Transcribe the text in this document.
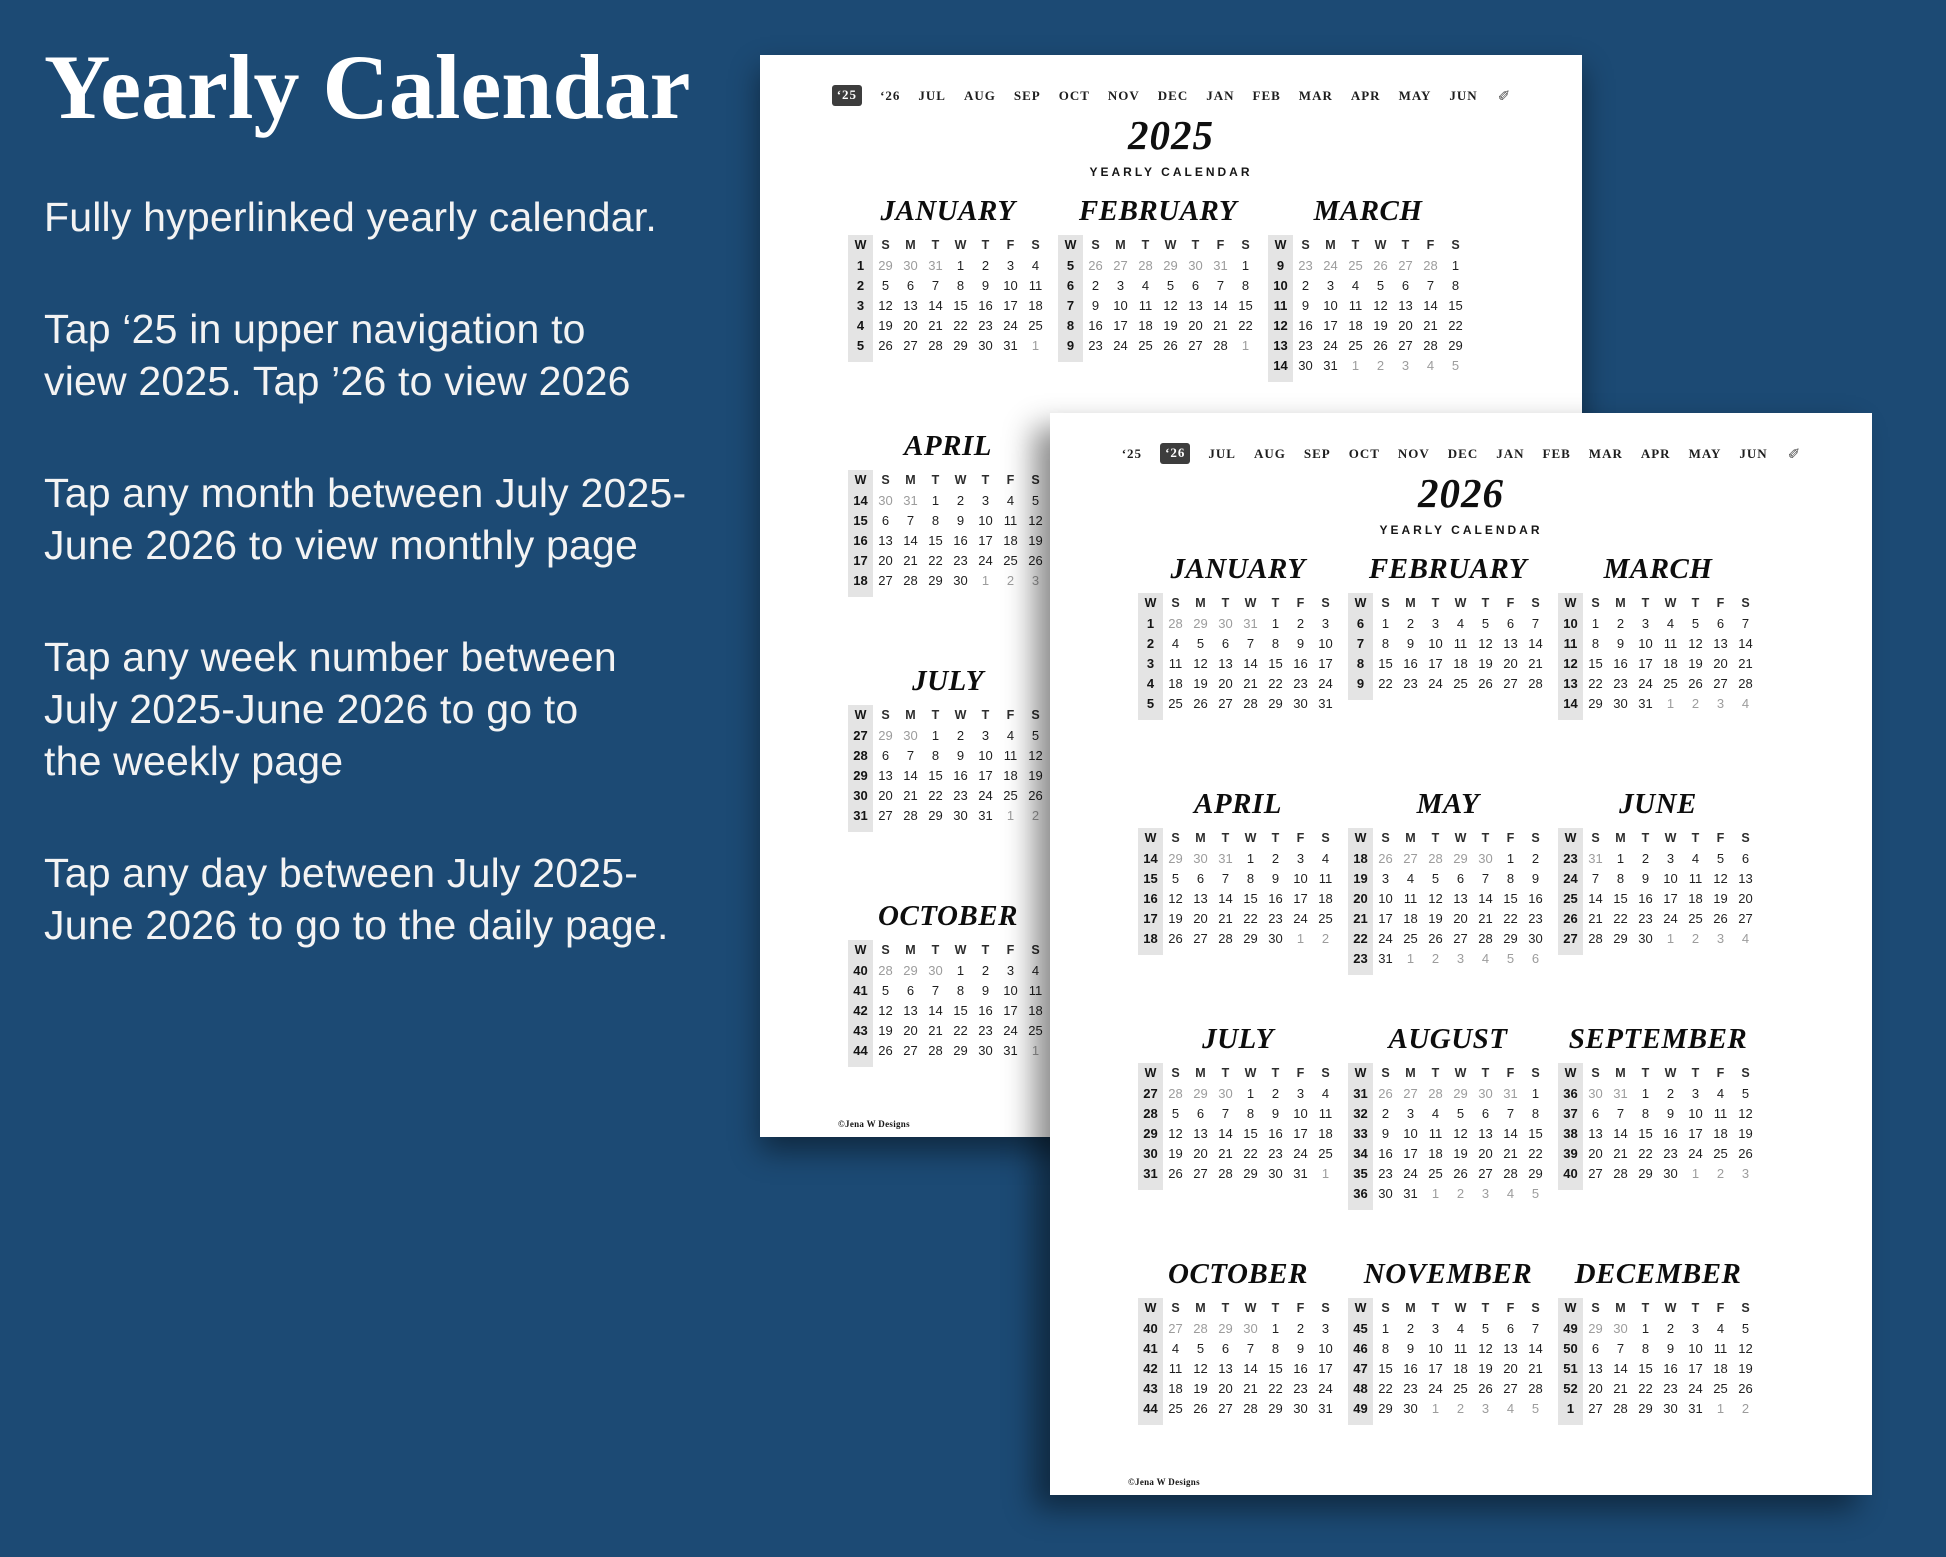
Yearly Calendar
Fully hyperlinked yearly calendar.
Tap ‘25 in upper navigation to
view 2025. Tap ’26 to view 2026
Tap any month between July 2025-
June 2026 to view monthly page
Tap any week number between
July 2025-June 2026 to go to
the weekly page
Tap any day between July 2025-
June 2026 to go to the daily page.
‘25	‘26 JUL AUG SEP OCT NOV DEC JAN FEB MAR APR MAY JUN ✐
2025
YEARLY CALENDAR
JANUARY
W	S	M	T	W	T	F	S
1	29	30	31	1	2	3	4
2	5	6	7	8	9	10	11
3	12	13	14	15	16	17	18
4	19	20	21	22	23	24	25
5	26	27	28	29	30	31	1
FEBRUARY
W	S	M	T	W	T	F	S
5	26	27	28	29	30	31	1
6	2	3	4	5	6	7	8
7	9	10	11	12	13	14	15
8	16	17	18	19	20	21	22
9	23	24	25	26	27	28	1
MARCH
W	S	M	T	W	T	F	S
9	23	24	25	26	27	28	1
10	2	3	4	5	6	7	8
11	9	10	11	12	13	14	15
12	16	17	18	19	20	21	22
13	23	24	25	26	27	28	29
14	30	31	1	2	3	4	5
APRIL
W	S	M	T	W	T	F	S
14	30	31	1	2	3	4	5
15	6	7	8	9	10	11	12
16	13	14	15	16	17	18	19
17	20	21	22	23	24	25	26
18	27	28	29	30	1	2	3
JULY
W	S	M	T	W	T	F	S
27	29	30	1	2	3	4	5
28	6	7	8	9	10	11	12
29	13	14	15	16	17	18	19
30	20	21	22	23	24	25	26
31	27	28	29	30	31	1	2
OCTOBER
W	S	M	T	W	T	F	S
40	28	29	30	1	2	3	4
41	5	6	7	8	9	10	11
42	12	13	14	15	16	17	18
43	19	20	21	22	23	24	25
44	26	27	28	29	30	31	1
©Jena W Designs
‘25	‘26	JUL AUG SEP OCT NOV DEC JAN FEB MAR APR MAY JUN ✐
2026
YEARLY CALENDAR
JANUARY
W	S	M	T	W	T	F	S
1	28	29	30	31	1	2	3
2	4	5	6	7	8	9	10
3	11	12	13	14	15	16	17
4	18	19	20	21	22	23	24
5	25	26	27	28	29	30	31
FEBRUARY
W	S	M	T	W	T	F	S
6	1	2	3	4	5	6	7
7	8	9	10	11	12	13	14
8	15	16	17	18	19	20	21
9	22	23	24	25	26	27	28
MARCH
W	S	M	T	W	T	F	S
10	1	2	3	4	5	6	7
11	8	9	10	11	12	13	14
12	15	16	17	18	19	20	21
13	22	23	24	25	26	27	28
14	29	30	31	1	2	3	4
APRIL
W	S	M	T	W	T	F	S
14	29	30	31	1	2	3	4
15	5	6	7	8	9	10	11
16	12	13	14	15	16	17	18
17	19	20	21	22	23	24	25
18	26	27	28	29	30	1	2
MAY
W	S	M	T	W	T	F	S
18	26	27	28	29	30	1	2
19	3	4	5	6	7	8	9
20	10	11	12	13	14	15	16
21	17	18	19	20	21	22	23
22	24	25	26	27	28	29	30
23	31	1	2	3	4	5	6
JUNE
W	S	M	T	W	T	F	S
23	31	1	2	3	4	5	6
24	7	8	9	10	11	12	13
25	14	15	16	17	18	19	20
26	21	22	23	24	25	26	27
27	28	29	30	1	2	3	4
JULY
W	S	M	T	W	T	F	S
27	28	29	30	1	2	3	4
28	5	6	7	8	9	10	11
29	12	13	14	15	16	17	18
30	19	20	21	22	23	24	25
31	26	27	28	29	30	31	1
AUGUST
W	S	M	T	W	T	F	S
31	26	27	28	29	30	31	1
32	2	3	4	5	6	7	8
33	9	10	11	12	13	14	15
34	16	17	18	19	20	21	22
35	23	24	25	26	27	28	29
36	30	31	1	2	3	4	5
SEPTEMBER
W	S	M	T	W	T	F	S
36	30	31	1	2	3	4	5
37	6	7	8	9	10	11	12
38	13	14	15	16	17	18	19
39	20	21	22	23	24	25	26
40	27	28	29	30	1	2	3
OCTOBER
W	S	M	T	W	T	F	S
40	27	28	29	30	1	2	3
41	4	5	6	7	8	9	10
42	11	12	13	14	15	16	17
43	18	19	20	21	22	23	24
44	25	26	27	28	29	30	31
NOVEMBER
W	S	M	T	W	T	F	S
45	1	2	3	4	5	6	7
46	8	9	10	11	12	13	14
47	15	16	17	18	19	20	21
48	22	23	24	25	26	27	28
49	29	30	1	2	3	4	5
DECEMBER
W	S	M	T	W	T	F	S
49	29	30	1	2	3	4	5
50	6	7	8	9	10	11	12
51	13	14	15	16	17	18	19
52	20	21	22	23	24	25	26
1	27	28	29	30	31	1	2
©Jena W Designs
